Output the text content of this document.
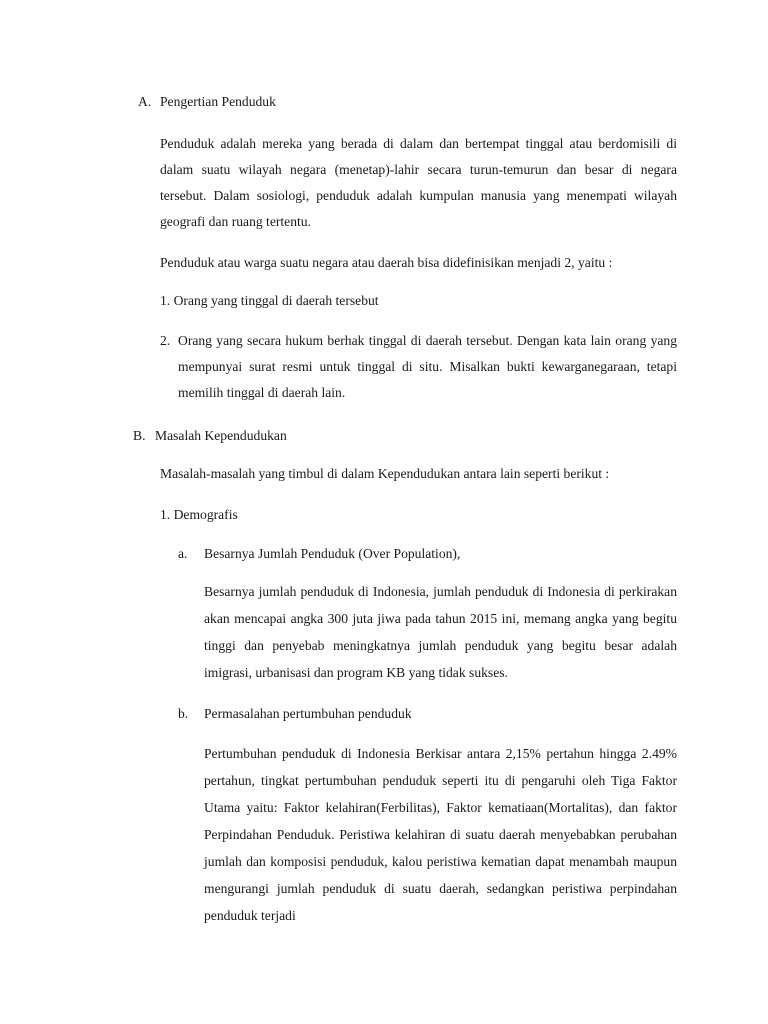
A. Pengertian Penduduk
Penduduk adalah mereka yang berada di dalam dan bertempat tinggal atau berdomisili di dalam suatu wilayah negara (menetap)-lahir secara turun-temurun dan besar di negara tersebut. Dalam sosiologi, penduduk adalah kumpulan manusia yang menempati wilayah geografi dan ruang tertentu.
Penduduk atau warga suatu negara atau daerah bisa didefinisikan menjadi 2, yaitu :
1. Orang yang tinggal di daerah tersebut
2. Orang yang secara hukum berhak tinggal di daerah tersebut. Dengan kata lain orang yang mempunyai surat resmi untuk tinggal di situ. Misalkan bukti kewarganegaraan, tetapi memilih tinggal di daerah lain.
B. Masalah Kependudukan
Masalah-masalah yang timbul di dalam Kependudukan antara lain seperti berikut :
1. Demografis
a. Besarnya Jumlah Penduduk (Over Population),
Besarnya jumlah penduduk di Indonesia, jumlah penduduk di Indonesia di perkirakan akan mencapai angka 300 juta jiwa pada tahun 2015 ini, memang angka yang begitu tinggi dan penyebab meningkatnya jumlah penduduk yang begitu besar adalah imigrasi, urbanisasi dan program KB yang tidak sukses.
b. Permasalahan pertumbuhan penduduk
Pertumbuhan penduduk di Indonesia Berkisar antara 2,15% pertahun hingga 2.49% pertahun, tingkat pertumbuhan penduduk seperti itu di pengaruhi oleh Tiga Faktor Utama yaitu: Faktor kelahiran(Ferbilitas), Faktor kematiaan(Mortalitas), dan faktor Perpindahan Penduduk. Peristiwa kelahiran di suatu daerah menyebabkan perubahan jumlah dan komposisi penduduk, kalou peristiwa kematian dapat menambah maupun mengurangi jumlah penduduk di suatu daerah, sedangkan peristiwa perpindahan penduduk terjadi
